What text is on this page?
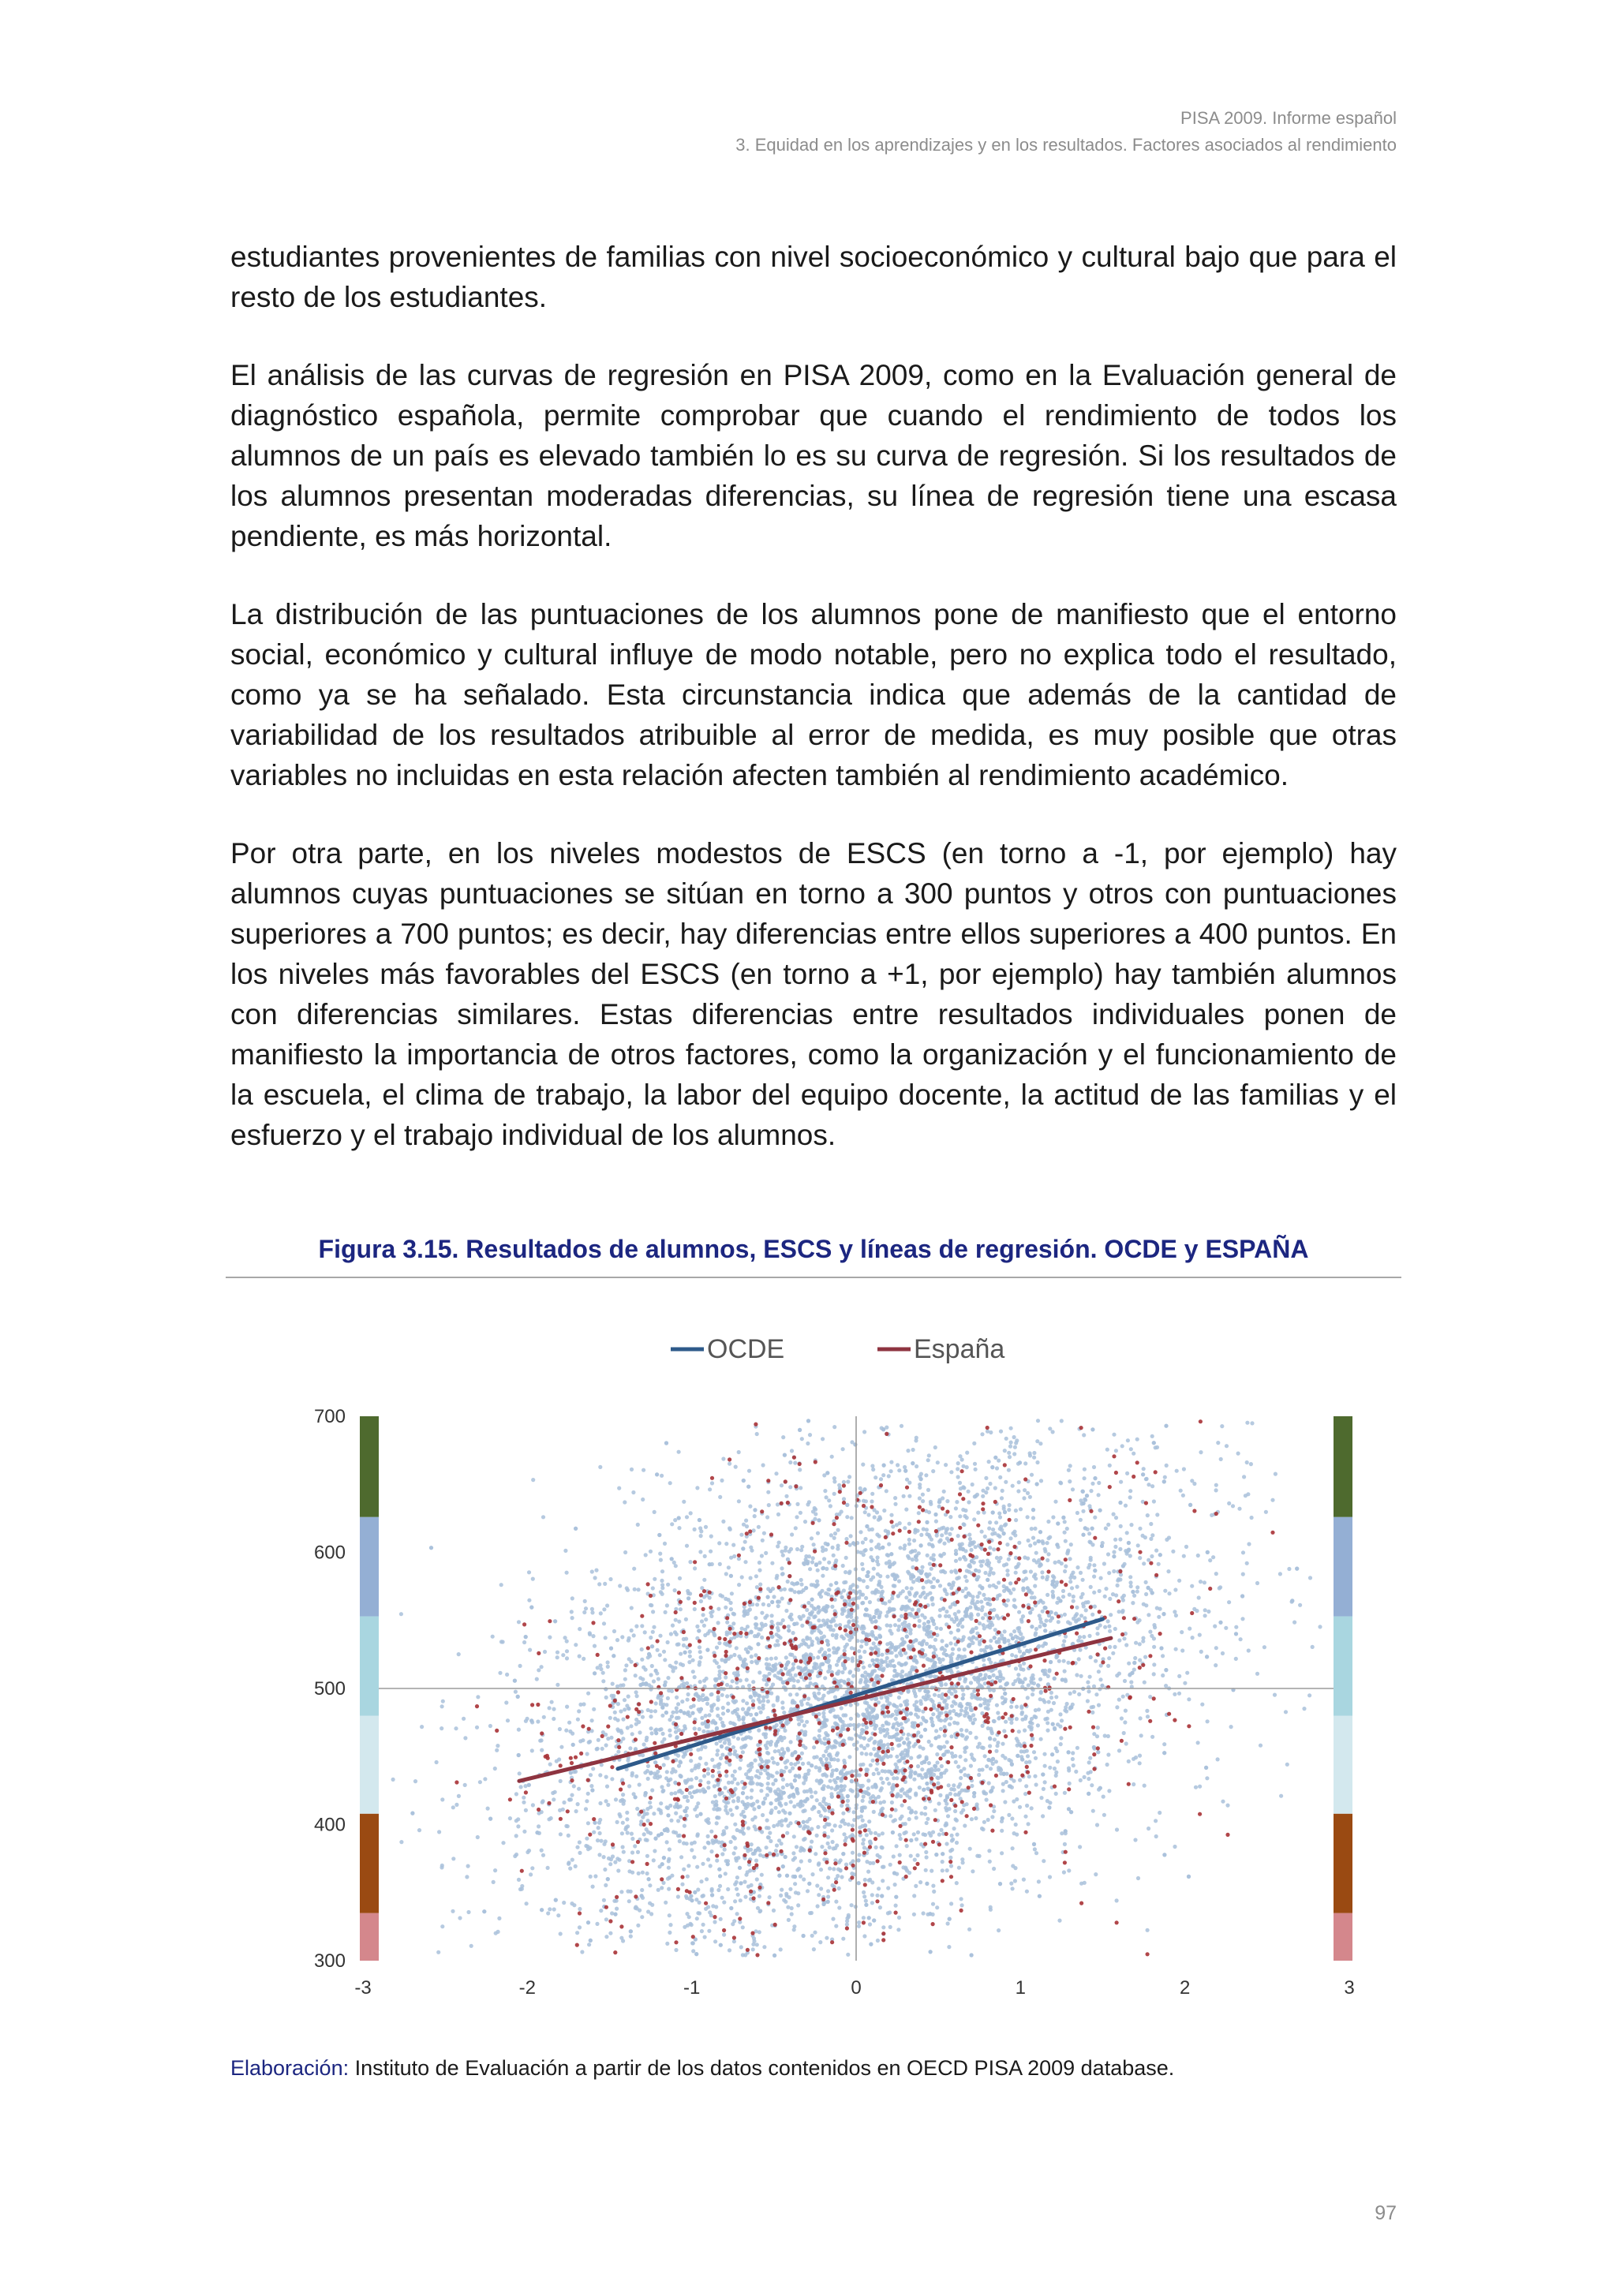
PISA 2009. Informe español
3. Equidad en los aprendizajes y en los resultados. Factores asociados al rendimiento

estudiantes provenientes de familias con nivel socioeconómico y cultural bajo que para el resto de los estudiantes.

El análisis de las curvas de regresión en PISA 2009, como en la Evaluación general de diagnóstico española, permite comprobar que cuando el rendimiento de todos los alumnos de un país es elevado también lo es su curva de regresión. Si los resultados de los alumnos presentan moderadas diferencias, su línea de regresión tiene una escasa pendiente, es más horizontal.

La distribución de las puntuaciones de los alumnos pone de manifiesto que el entorno social, económico y cultural influye de modo notable, pero no explica todo el resultado, como ya se ha señalado. Esta circunstancia indica que además de la cantidad de variabilidad de los resultados atribuible al error de medida, es muy posible que otras variables no incluidas en esta relación afecten también al rendimiento académico.

Por otra parte, en los niveles modestos de ESCS (en torno a -1, por ejemplo) hay alumnos cuyas puntuaciones se sitúan en torno a 300 puntos y otros con puntuaciones superiores a 700 puntos; es decir, hay diferencias entre ellos superiores a 400 puntos. En los niveles más favorables del ESCS (en torno a +1, por ejemplo) hay también alumnos con diferencias similares. Estas diferencias entre resultados individuales ponen de manifiesto la importancia de otros factores, como la organización y el funcionamiento de la escuela, el clima de trabajo, la labor del equipo docente, la actitud de las familias y el esfuerzo y el trabajo individual de los alumnos.

Figura 3.15. Resultados de alumnos, ESCS y líneas de regresión. OCDE y ESPAÑA
300
400
500
600
700
-3	-2	-1	0	1	2	3
OCDE	España
Elaboración: Instituto de Evaluación a partir de los datos contenidos en OECD PISA 2009 database.
97
